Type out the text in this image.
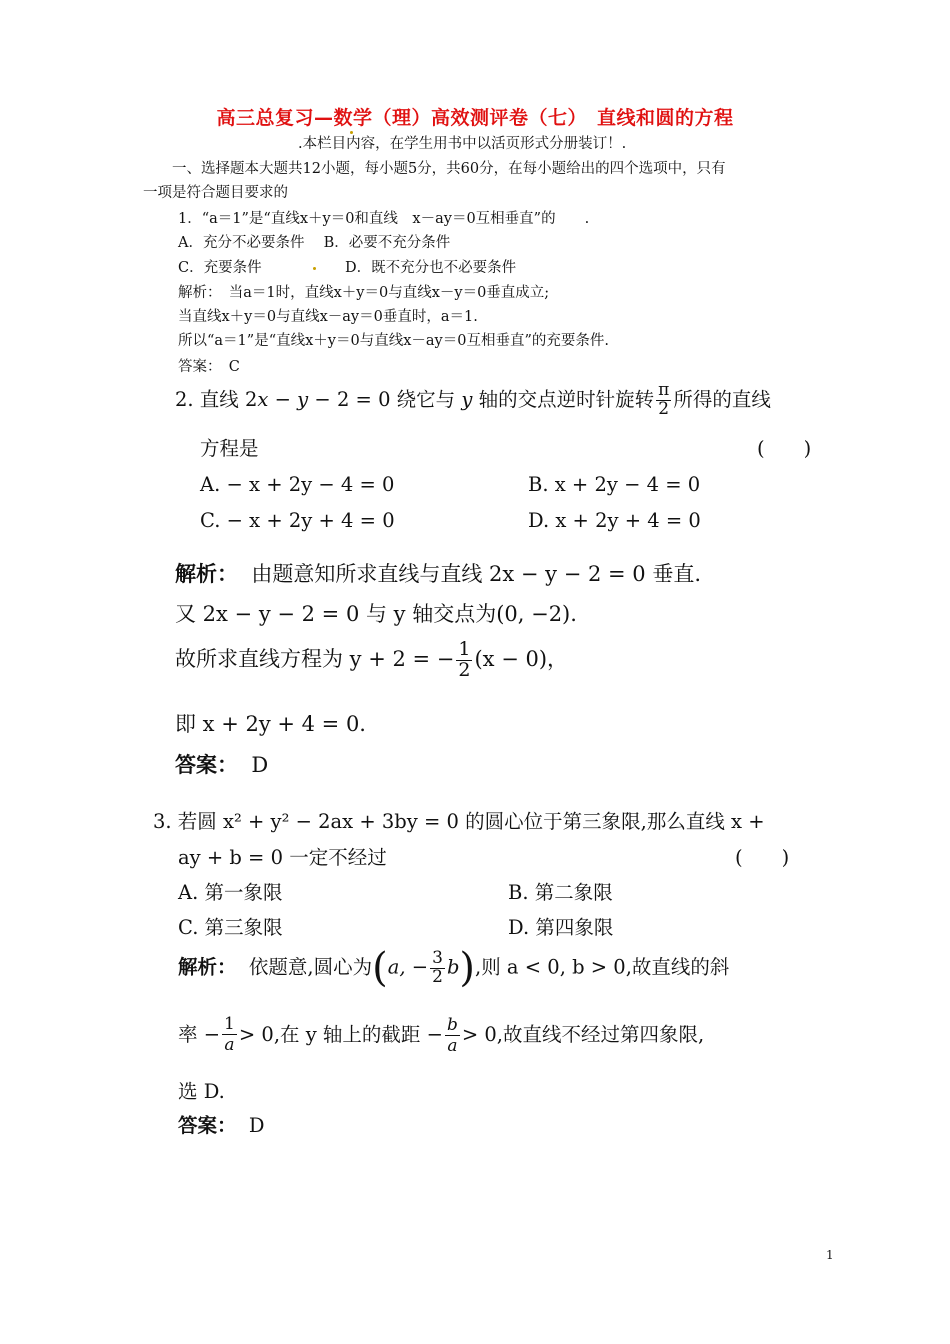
高三总复习—数学（理）高效测评卷（七）　直线和圆的方程
.本栏目内容，在学生用书中以活页形式分册装订！.
一、选择题本大题共12小题，每小题5分，共60分，在每小题给出的四个选项中，只有
一项是符合题目要求的
1．“a＝1”是“直线x＋y＝0和直线　x－ay＝0互相垂直”的　　.
A．充分不必要条件　 B．必要不充分条件
C．充要条件	D．既不充分也不必要条件
解析：　当a＝1时，直线x＋y＝0与直线x－y＝0垂直成立;
当直线x＋y＝0与直线x－ay＝0垂直时，a＝1.
所以“a＝1”是“直线x＋y＝0与直线x－ay＝0互相垂直”的充要条件.
答案：　C
2. 直线 2x − y − 2 = 0 绕它与 y 轴的交点逆时针旋转 $\frac{\pi}{2}$ 所得的直线
方程是	(　　)
A. − x + 2y − 4 = 0	B. x + 2y − 4 = 0
C. − x + 2y + 4 = 0	D. x + 2y + 4 = 0
解析： 由题意知所求直线与直线 2x − y − 2 = 0 垂直.
又 2x − y − 2 = 0 与 y 轴交点为(0, −2).
故所求直线方程为 y + 2 = − $\frac{1}{2} (x - 0)$，
即 x + 2y + 4 = 0.
答案： D
3. 若圆 x² + y² − 2ax + 3by = 0 的圆心位于第三象限,那么直线 x +
ay + b = 0 一定不经过	(　　)
A. 第一象限	B. 第二象限
C. 第三象限	D. 第四象限
解析： 依题意,圆心为(a, − $\frac{3}{2} b$),则 a < 0, b > 0,故直线的斜
率 − $\frac{1}{a} > 0$,在 y 轴上的截距 − $\frac{b}{a} > 0$,故直线不经过第四象限,
选 D.
答案： D
1
